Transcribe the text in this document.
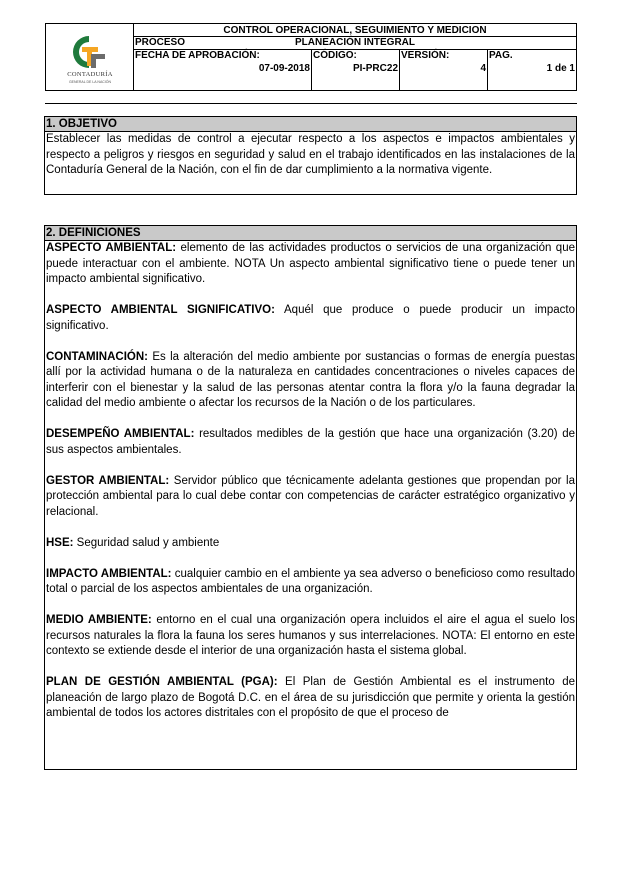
CONTADURÍA
GENERAL DE LA NACIÓN
CONTROL OPERACIONAL, SEGUIMIENTO Y MEDICION
PROCESO	PLANEACIÓN INTEGRAL
FECHA DE APROBACIÓN:
07-09-2018
CÓDIGO:
PI-PRC22
VERSIÓN:
4
PAG.
1 de 1
1. OBJETIVO
Establecer las medidas de control a ejecutar respecto a los aspectos e impactos ambientales y respecto a peligros y riesgos en seguridad y salud en el trabajo identificados en las instalaciones de la Contaduría General de la Nación, con el fin de dar cumplimiento a la normativa vigente.
2. DEFINICIONES

ASPECTO AMBIENTAL: elemento de las actividades productos o servicios de una organización que puede interactuar con el ambiente. NOTA Un aspecto ambiental significativo tiene o puede tener un impacto ambiental significativo.

ASPECTO AMBIENTAL SIGNIFICATIVO: Aquél que produce o puede producir un impacto significativo.

CONTAMINACIÓN: Es la alteración del medio ambiente por sustancias o formas de energía puestas allí por la actividad humana o de la naturaleza en cantidades concentraciones o niveles capaces de interferir con el bienestar y la salud de las personas atentar contra la flora y/o la fauna degradar la calidad del medio ambiente o afectar los recursos de la Nación o de los particulares.

DESEMPEÑO AMBIENTAL: resultados medibles de la gestión que hace una organización (3.20) de sus aspectos ambientales.

GESTOR AMBIENTAL: Servidor público que técnicamente adelanta gestiones que propendan por la protección ambiental para lo cual debe contar con competencias de carácter estratégico organizativo y relacional.

HSE: Seguridad salud y ambiente

IMPACTO AMBIENTAL: cualquier cambio en el ambiente ya sea adverso o beneficioso como resultado total o parcial de los aspectos ambientales de una organización.

MEDIO AMBIENTE: entorno en el cual una organización opera incluidos el aire el agua el suelo los recursos naturales la flora la fauna los seres humanos y sus interrelaciones. NOTA: El entorno en este contexto se extiende desde el interior de una organización hasta el sistema global.

PLAN DE GESTIÓN AMBIENTAL (PGA): El Plan de Gestión Ambiental es el instrumento de planeación de largo plazo de Bogotá D.C. en el área de su jurisdicción que permite y orienta la gestión ambiental de todos los actores distritales con el propósito de que el proceso de
